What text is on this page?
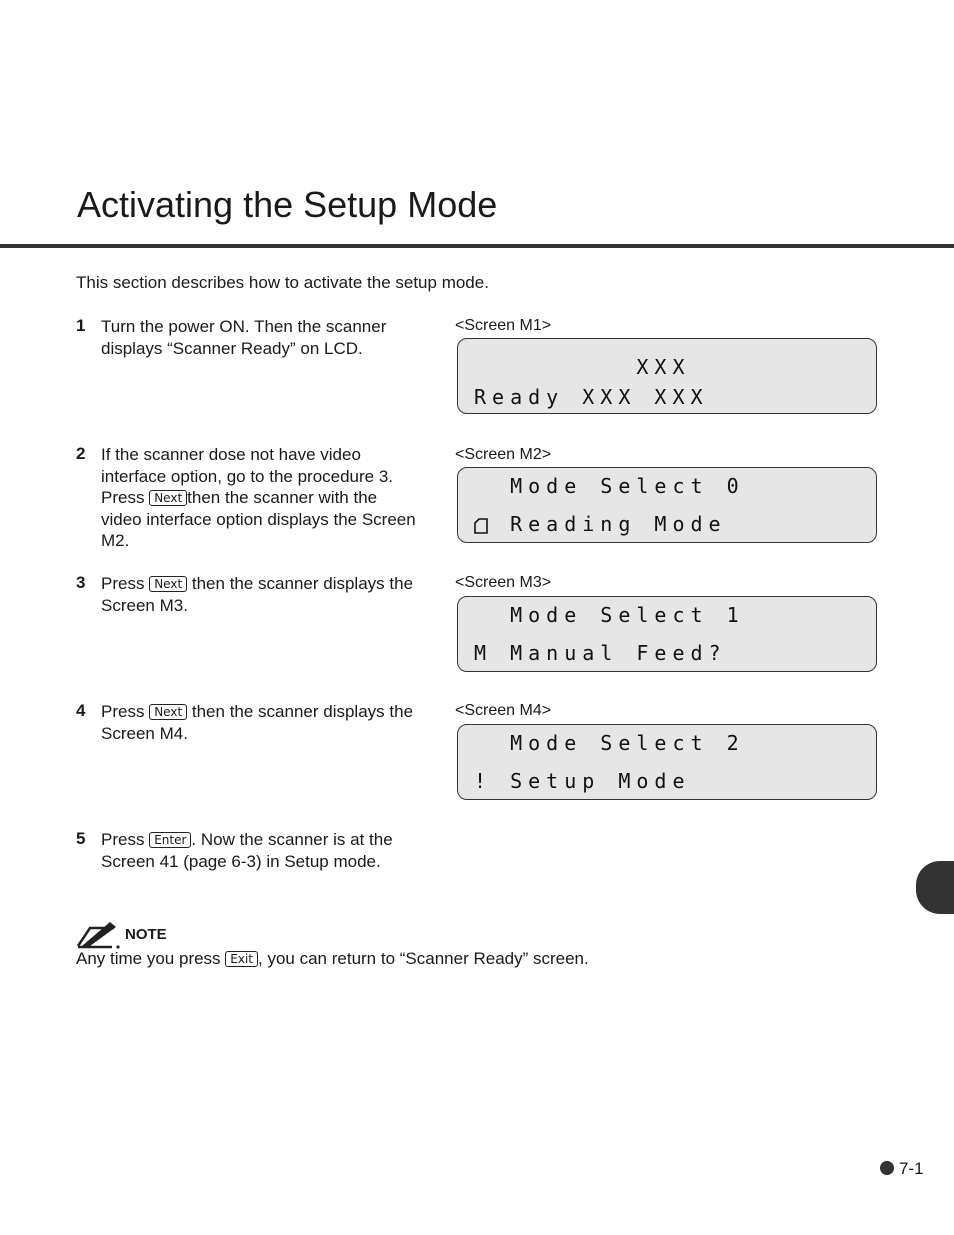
Activating the Setup Mode
This section describes how to activate the setup mode.
1 Turn the power ON. Then the scanner displays “Scanner Ready” on LCD.
2 If the scanner dose not have video interface option, go to the procedure 3. Press Next then the scanner with the video interface option displays the Screen M2.
3 Press Next then the scanner displays the Screen M3.
4 Press Next then the scanner displays the Screen M4.
5 Press Enter . Now the scanner is at the Screen 41 (page 6-3) in Setup mode.
<Screen M1>
XXX
Ready XXX XXX
<Screen M2>
Mode Select 0
Reading Mode
<Screen M3>
Mode Select 1
M Manual Feed?
<Screen M4>
Mode Select 2
! Setup Mode
NOTE
Any time you press Exit , you can return to “Scanner Ready” screen.
7-1
